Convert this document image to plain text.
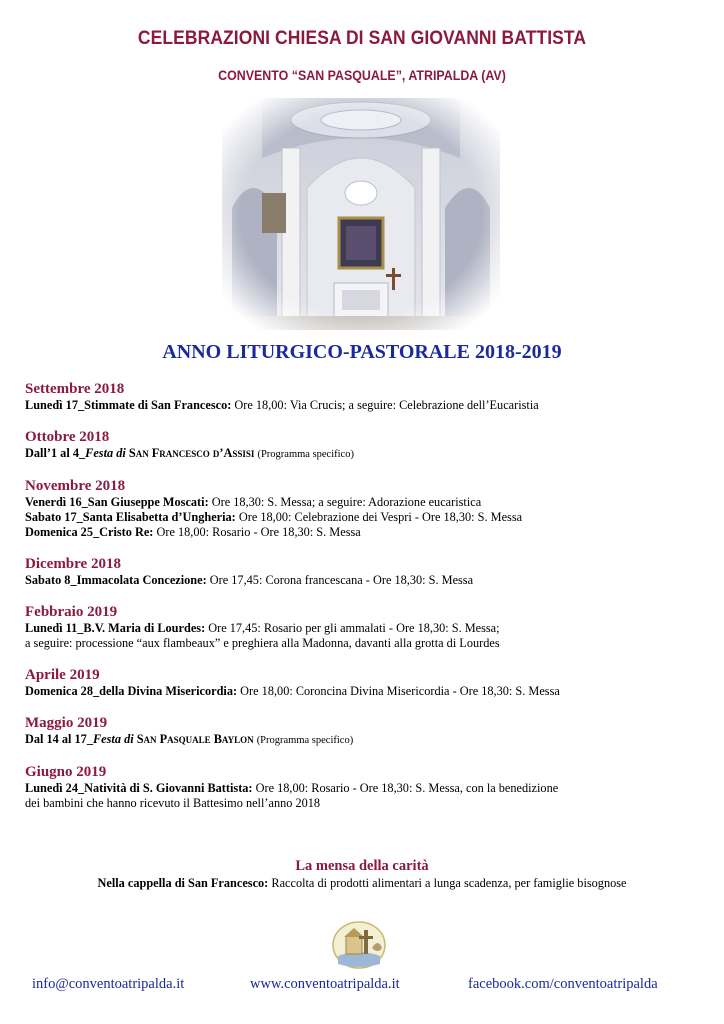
CELEBRAZIONI CHIESA DI SAN GIOVANNI BATTISTA
CONVENTO “SAN PASQUALE”, ATRIPALDA (AV)
ANNO LITURGICO-PASTORALE 2018-2019
Settembre 2018
Lunedì 17_Stimmate di San Francesco: Ore 18,00: Via Crucis; a seguire: Celebrazione dell’Eucaristia
Ottobre 2018
Dall’1 al 4_Festa di San Francesco d’Assisi (Programma specifico)
Novembre 2018
Venerdì 16_San Giuseppe Moscati: Ore 18,30: S. Messa; a seguire: Adorazione eucaristica
Sabato 17_Santa Elisabetta d’Ungheria: Ore 18,00: Celebrazione dei Vespri - Ore 18,30: S. Messa
Domenica 25_Cristo Re: Ore 18,00: Rosario - Ore 18,30: S. Messa
Dicembre 2018
Sabato 8_Immacolata Concezione: Ore 17,45: Corona francescana - Ore 18,30: S. Messa
Febbraio 2019
Lunedì 11_B.V. Maria di Lourdes: Ore 17,45: Rosario per gli ammalati - Ore 18,30: S. Messa;
a seguire: processione “aux flambeaux” e preghiera alla Madonna, davanti alla grotta di Lourdes
Aprile 2019
Domenica 28_della Divina Misericordia: Ore 18,00: Coroncina Divina Misericordia - Ore 18,30: S. Messa
Maggio 2019
Dal 14 al 17_Festa di San Pasquale Baylon (Programma specifico)
Giugno 2019
Lunedì 24_Natività di S. Giovanni Battista: Ore 18,00: Rosario - Ore 18,30: S. Messa, con la benedizione
dei bambini che hanno ricevuto il Battesimo nell’anno 2018
La mensa della carità
Nella cappella di San Francesco: Raccolta di prodotti alimentari a lunga scadenza, per famiglie bisognose
info@conventoatripalda.it	www.conventoatripalda.it	facebook.com/conventoatripalda
